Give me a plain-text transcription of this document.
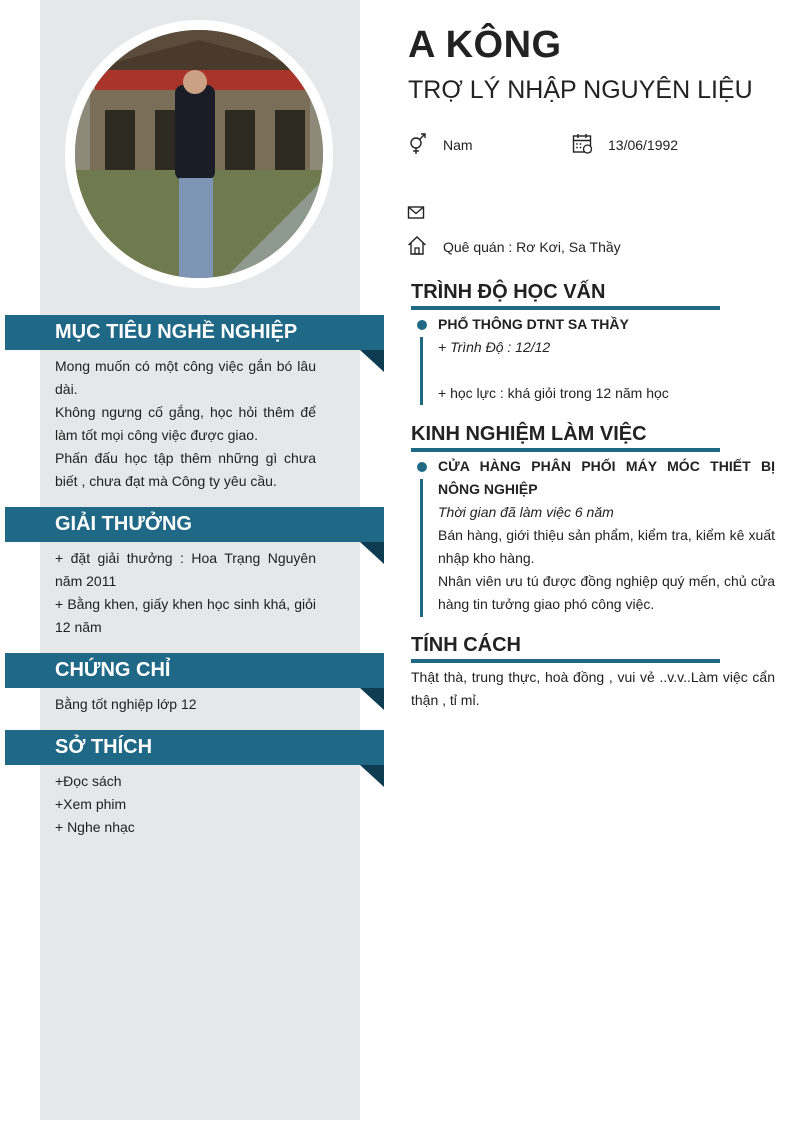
MỤC TIÊU NGHỀ NGHIỆP

Mong muốn có một công việc gắn bó lâu dài.

Không ngưng cố gắng, học hỏi thêm để làm tốt mọi công việc được giao.

Phấn đấu học tập thêm những gì chưa biết , chưa đạt mà Công ty yêu cầu.

GIẢI THƯỞNG

+ đặt giải thưởng : Hoa Trạng Nguyên năm 2011

+ Bằng khen, giấy khen học sinh khá, giỏi 12 năm

CHỨNG CHỈ

Bằng tốt nghiệp lớp 12

SỞ THÍCH

+Đọc sách

+Xem phim

+ Nghe nhạc

A KÔNG
TRỢ LÝ NHẬP NGUYÊN LIỆU
Nam	13/06/1992
Quê quán : Rơ Kơi, Sa Thầy
TRÌNH ĐỘ HỌC VẤN

PHỔ THÔNG DTNT SA THẦY

+ Trình Độ : 12/12

+ học lực : khá giỏi trong 12 năm học

KINH NGHIỆM LÀM VIỆC

CỬA HÀNG PHÂN PHỐI MÁY MÓC THIẾT BỊ NÔNG NGHIỆP

Thời gian đã làm việc 6 năm

Bán hàng, giới thiệu sản phẩm, kiểm tra, kiểm kê xuất nhập kho hàng.

Nhân viên ưu tú được đồng nghiệp quý mến, chủ cửa hàng tin tưởng giao phó công việc.

TÍNH CÁCH
Thật thà, trung thực, hoà đồng , vui vẻ ..v.v..Làm việc cẩn thận , tỉ mỉ.
